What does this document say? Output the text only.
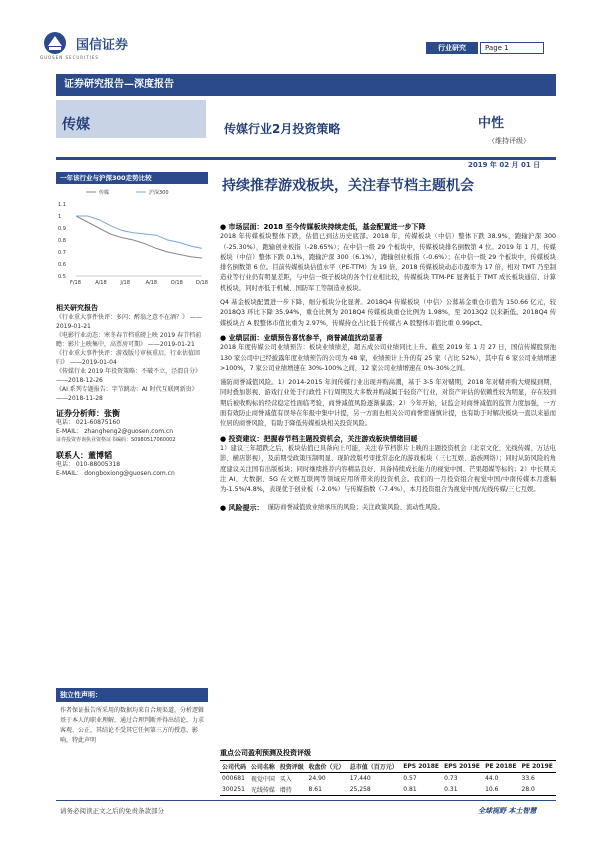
国信证券
GUOSEN SECURITIES
行业研究	Page 1
证券研究报告—深度报告
传媒	传媒行业2月投资策略	中性
（维持评级）
2019 年 02 月 01 日
持续推荐游戏板块，关注春节档主题机会
一年该行业与沪深300走势比较
传媒	沪深300
1.1
1
0.9
0.8
0.7
0.6
0.5
F/18	A/18	J/18	A/18	O/18	D/18
相关研究报告
《行业重大事件快评：多闪：醉翁之意不在酒？》 ——2019-01-21
《电影行业动态：寒冬春节档重磅上映 2019 春节档前瞻：影片上映集中，高票房可期》 ——2019-01-21
《行业重大事件快评：游戏版号审核重启，行业估值回归》 ——2019-01-04
《传媒行业 2019 年投资策略：不破不立，泾渭自分》 ——2018-12-26
《AI 系列专题报告：字节跳动：AI 时代互联网新贵》 ——2018-11-28
证券分析师：张衡
电话： 021-60875160
E-MAIL： zhangheng2@guosen.com.cn
证券投资咨询执业资格证书编码：S0980517060002
联系人：董博韬
电话： 010-88005318
E-MAIL： dongboxiong@guosen.com.cn
独立性声明：
作者保证报告所采用的数据均来自合规渠道，分析逻辑基于本人的职业理解，通过合理判断并得出结论，力求客观、公正，其结论不受其它任何第三方的授意、影响，特此声明
● 市场层面：2018 至今传媒板块持续走低，基金配置进一步下降

2018 年传媒板块整体下跌，估值已到达历史底部。2018 年，传媒板块（中信）整体下跌 38.9%，跑输沪深 300（-25.30%），跑输创业板指（-28.65%）；在中信一级 29 个板块中，传媒板块排名倒数第 4 位。2019 年 1 月，传媒板块（中信）整体下跌 0.1%，跑输沪深 300（6.1%），跑输创业板指（-0.6%）；在中信一级 29 个板块中，传媒板块排名倒数第 6 位。目前传媒板块估值水平（PE-TTM）为 19 倍，2018 传媒板块动态市盈率为 17 倍，相对 TMT 乃至制造业等行业仍有明显差距，与中信一级子板块的各个行业相比较，传媒板块 TTM-PE 显著低于 TMT 成长板块通信、计算机板块，同时亦低于机械、国防军工等制造业板块。

Q4 基金板块配置进一步下降，细分板块分化显著。2018Q4 传媒板块（中信）公募基金重仓市值为 150.66 亿元，较 2018Q3 环比下降 35.94%，重仓比例为 2018Q4 传媒板块重仓比例为 1.98%，至 2013Q2 以来新低。2018Q4 传媒板块占 A 股整体市值比重为 2.97%，传媒持仓占比低于传媒占 A 股整体市值比重 0.99pct。

● 业绩层面：业绩预告喜忧参半，商誉减值扰动显著

2018 年度传媒公司业绩预告：板块业绩绩差，超五成公司业绩同比上升。截至 2019 年 1 月 27 日，国信传媒股票池 130 家公司中已经披露年度业绩预告的公司为 48 家，业绩预计上升的有 25 家（占比 52%），其中有 6 家公司业绩增速>100%，7 家公司业绩增速在 30%-100%之间，12 家公司业绩增速在 0%-30%之间。

谨防商誉减值风险。1）2014-2015 年间传媒行业出现并购高潮，基于 3-5 年对赌期，2018 年对赌并购大规模到期，同时叠加影视、游戏行业处于行政性下行周期及大多数并购减属于轻资产行业，对资产评估的依赖性较为明显，存在较到期后被收购标的经营稳定性面临考验，商誉减值风险逐渐暴露；2）今年开始，证监会对商誉减值的监管力度加强，一方面有效防止商誉减值有误导在年报中集中计提，另一方面也相关公司商誉需谨慎计提，也有助于对解决板块一直以来悬而位居的商誉风险，有助于降低传媒板块相关投资风险。

● 投资建议：把握春节档主题投资机会，关注游戏板块情绪回暖

1）建议三年超跌之后，板块估值已具备向上可能，关注春节档影片上映的主题投资机会（北京文化、光线传媒、万达电影、横店影视），及前期受政策压制明显、现阶段版号审批常态化的游戏板块（三七互娱、游族网络）；同时从防风险的角度建议关注国有出版板块；同时继续推荐内容精品良好、具备持续成长能力的视觉中国、芒果超媒等标的；2）中长期关注 AI、大数据、5G 在文娱互联网等领域应用所带来的投资机会。我们的一月投资组合视觉中国/中南传媒本月涨幅为-1.5%/4.8%，表现优于创业板（-2.0%）与传媒指数（-7.4%），本月投资组合为视觉中国/光线传媒/三七互娱。

● 风险提示： 谨防商誉减值致业绩承压的风险；关注政策风险、流动性风险。
重点公司盈利预测及投资评级
公司代码	公司名称	投资评级	收盘价（元）	总市值（百万元）	EPS 2018E	EPS 2019E	PE 2018E	PE 2019E
000681	视觉中国	买入	24.90	17,440	0.57	0.73	44.0	33.6
300251	光线传媒	增持	8.61	25,258	0.81	0.31	10.6	28.0
请务必阅读正文之后的免责条款部分	全球视野 本土智慧
